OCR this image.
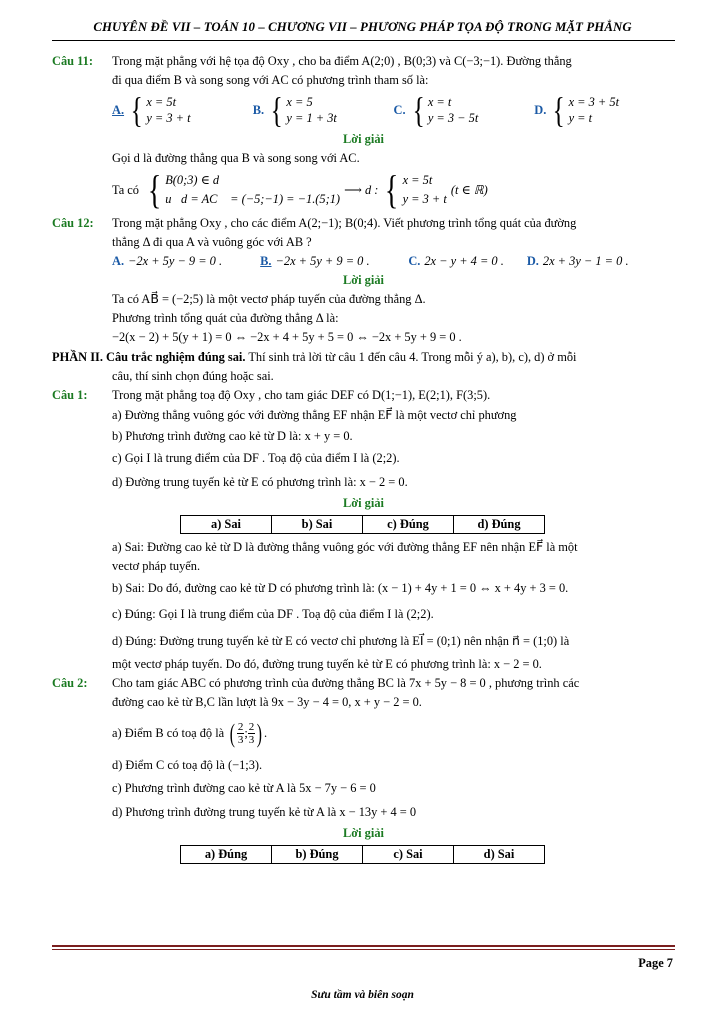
CHUYÊN ĐỀ VII – TOÁN 10 – CHƯƠNG VII – PHƯƠNG PHÁP TỌA ĐỘ TRONG MẶT PHẲNG
Câu 11:	Trong mặt phẳng với hệ tọa độ Oxy , cho ba điểm A(2;0) , B(0;3) và C(−3;−1). Đường thẳng
đi qua điểm B và song song với AC có phương trình tham số là:
A. { x = 5t
y = 3 + t
B. { x = 5
y = 1 + 3t
C. { x = t
y = 3 − 5t
D. { x = 3 + 5t
y = t
Lời giải
Gọi d là đường thẳng qua B và song song với AC.
Ta có { B(0;3) ∈ d
u⃗d = AC⃗ = (−5;−1) = −1.(5;1)
⟶ d : { x = 5t
y = 3 + t
(t ∈ ℝ)
Câu 12:	Trong mặt phẳng Oxy , cho các điểm A(2;−1); B(0;4). Viết phương trình tổng quát của đường
thẳng Δ đi qua A và vuông góc với AB ?
A. −2x + 5y − 9 = 0 .	B. −2x + 5y + 9 = 0 .	C. 2x − y + 4 = 0 . D. 2x + 3y − 1 = 0 .
Lời giải
Ta có AB⃗ = (−2;5) là một vectơ pháp tuyến của đường thẳng Δ.
Phương trình tổng quát của đường thẳng Δ là:
−2(x − 2) + 5(y + 1) = 0 ⇔ −2x + 4 + 5y + 5 = 0 ⇔ −2x + 5y + 9 = 0 .
PHẦN II. Câu trắc nghiệm đúng sai. Thí sinh trả lời từ câu 1 đến câu 4. Trong mỗi ý a), b), c), d) ở mỗi
câu, thí sinh chọn đúng hoặc sai.
Câu 1:	Trong mặt phẳng toạ độ Oxy , cho tam giác DEF có D(1;−1), E(2;1), F(3;5).
a) Đường thẳng vuông góc với đường thẳng EF nhận EF⃗ là một vectơ chỉ phương
b) Phương trình đường cao kẻ từ D là: x + y = 0.
c) Gọi I là trung điểm của DF . Toạ độ của điểm I là (2;2).
d) Đường trung tuyến kẻ từ E có phương trình là: x − 2 = 0.
Lời giải
a) Sai	b) Sai	c) Đúng	d) Đúng
a) Sai: Đường cao kẻ từ D là đường thẳng vuông góc với đường thẳng EF nên nhận EF⃗ là một
vectơ pháp tuyến.
b) Sai: Do đó, đường cao kẻ từ D có phương trình là: (x − 1) + 4y + 1 = 0 ⇔ x + 4y + 3 = 0.
c) Đúng: Gọi I là trung điểm của DF . Toạ độ của điểm I là (2;2).
d) Đúng: Đường trung tuyến kẻ từ E có vectơ chỉ phương là EI⃗ = (0;1) nên nhận n⃗ = (1;0) là
một vectơ pháp tuyến. Do đó, đường trung tuyến kẻ từ E có phương trình là: x − 2 = 0.
Câu 2:	Cho tam giác ABC có phương trình của đường thẳng BC là 7x + 5y − 8 = 0 , phương trình các
đường cao kẻ từ B,C lần lượt là 9x − 3y − 4 = 0, x + y − 2 = 0.
a) Điểm B có toạ độ là ( $\frac{2}{3}$ ; $\frac{2}{3}$ ) .
d) Điểm C có toạ độ là (−1;3).
c) Phương trình đường cao kẻ từ A là 5x − 7y − 6 = 0
d) Phương trình đường trung tuyến kẻ từ A là x − 13y + 4 = 0
Lời giải
a) Đúng	b) Đúng	c) Sai	d) Sai
Page 7
Sưu tầm và biên soạn
